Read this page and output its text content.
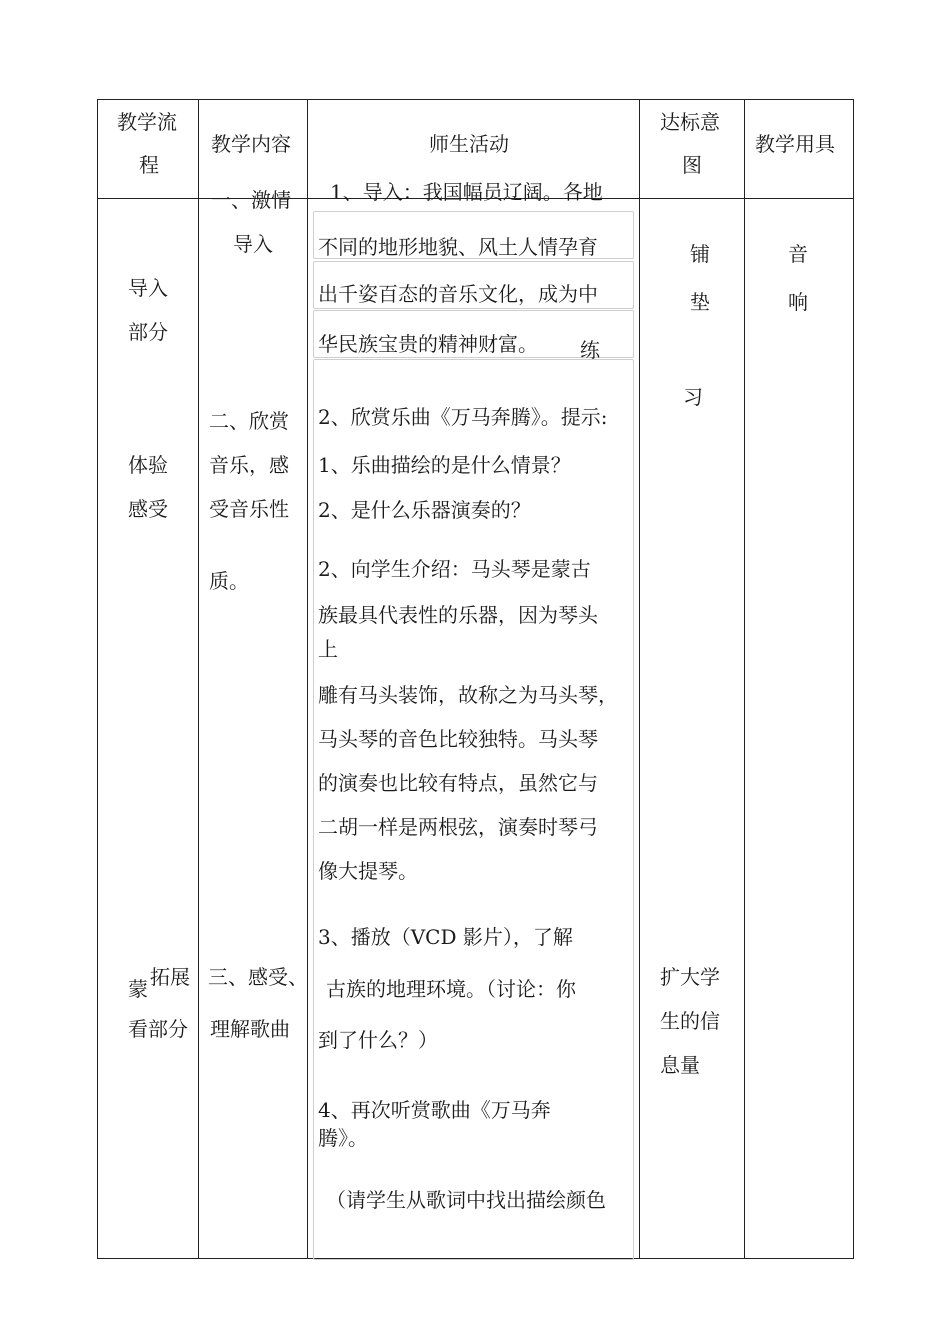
教学流
程
教学内容	师生活动
达标意
图
教学用具
导入
部分
体验
感受
蒙 拓展
看部分
一、激情
导入
二、欣赏
音乐，感
受音乐性
质。
三、感受、
理解歌曲
1、导入：我国幅员辽阔。各地
不同的地形地貌、风土人情孕育
出千姿百态的音乐文化，成为中
华民族宝贵的精神财富。 练
2、欣赏乐曲《万马奔腾》。提示:
1、乐曲描绘的是什么情景？
2、是什么乐器演奏的？
2、向学生介绍：马头琴是蒙古
族最具代表性的乐器，因为琴头
上
雕有马头装饰，故称之为马头琴，
马头琴的音色比较独特。马头琴
的演奏也比较有特点，虽然它与
二胡一样是两根弦，演奏时琴弓
像大提琴。
3、播放（VCD 影片），了解
古族的地理环境。（讨论：你
到了什么？）
4、再次听赏歌曲《万马奔
腾》。
（请学生从歌词中找出描绘颜色
铺
垫
习
扩大学
生的信
息量
音
响
